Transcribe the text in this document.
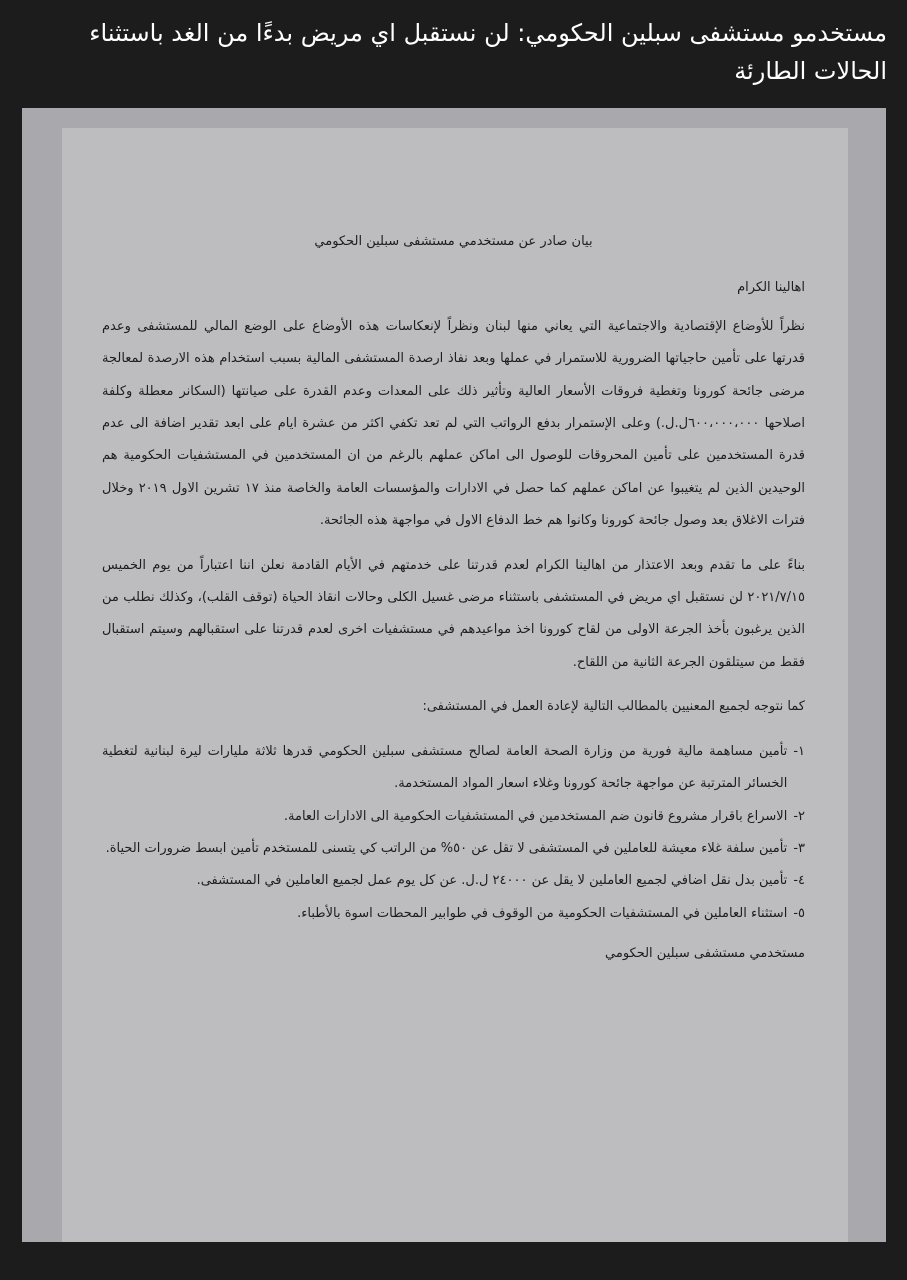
مستخدمو مستشفى سبلين الحكومي: لن نستقبل اي مريض بدءًا من الغد باستثناء الحالات الطارئة

بيان صادر عن مستخدمي مستشفى سبلين الحكومي

اهالينا الكرام

نظراً للأوضاع الإقتصادية والاجتماعية التي يعاني منها لبنان ونظراً لإنعكاسات هذه الأوضاع على الوضع المالي للمستشفى وعدم قدرتها على تأمين حاجياتها الضرورية للاستمرار في عملها وبعد نفاذ ارصدة المستشفى المالية بسبب استخدام هذه الارصدة لمعالجة مرضى جائحة كورونا وتغطية فروقات الأسعار العالية وتأثير ذلك على المعدات وعدم القدرة على صيانتها (السكانر معطلة وكلفة اصلاحها ٦٠٠،٠٠٠،٠٠٠ل.ل.) وعلى الإستمرار بدفع الرواتب التي لم تعد تكفي اكثر من عشرة ايام على ابعد تقدير اضافة الى عدم قدرة المستخدمين على تأمين المحروقات للوصول الى اماكن عملهم بالرغم من ان المستخدمين في المستشفيات الحكومية هم الوحيدين الذين لم يتغيبوا عن اماكن عملهم كما حصل في الادارات والمؤسسات العامة والخاصة منذ ١٧ تشرين الاول ٢٠١٩ وخلال فترات الاغلاق بعد وصول جائحة كورونا وكانوا هم خط الدفاع الاول في مواجهة هذه الجائحة.

بناءً على ما تقدم وبعد الاعتذار من اهالينا الكرام لعدم قدرتنا على خدمتهم في الأيام القادمة نعلن اننا اعتباراً من يوم الخميس ٢٠٢١/٧/١٥ لن نستقبل اي مريض في المستشفى باستثناء مرضى غسيل الكلى وحالات انقاذ الحياة (توقف القلب)، وكذلك نطلب من الذين يرغبون بأخذ الجرعة الاولى من لقاح كورونا اخذ مواعيدهم في مستشفيات اخرى لعدم قدرتنا على استقبالهم وسيتم استقبال فقط من سيتلقون الجرعة الثانية من اللقاح.

كما نتوجه لجميع المعنيين بالمطالب التالية لإعادة العمل في المستشفى:

١-
تأمين مساهمة مالية فورية من وزارة الصحة العامة لصالح مستشفى سبلين الحكومي قدرها ثلاثة مليارات ليرة لبنانية لتغطية الخسائر المترتبة عن مواجهة جائحة كورونا وغلاء اسعار المواد المستخدمة.
٢-
الاسراع باقرار مشروع قانون ضم المستخدمين في المستشفيات الحكومية الى الادارات العامة.
٣-
تأمين سلفة غلاء معيشة للعاملين في المستشفى لا تقل عن ٥٠% من الراتب كي يتسنى للمستخدم تأمين ابسط ضرورات الحياة.
٤-
تأمين بدل نقل اضافي لجميع العاملين لا يقل عن ٢٤٠٠٠ ل.ل. عن كل يوم عمل لجميع العاملين في المستشفى.
٥-
استثناء العاملين في المستشفيات الحكومية من الوقوف في طوابير المحطات اسوة بالأطباء.

مستخدمي مستشفى سبلين الحكومي
